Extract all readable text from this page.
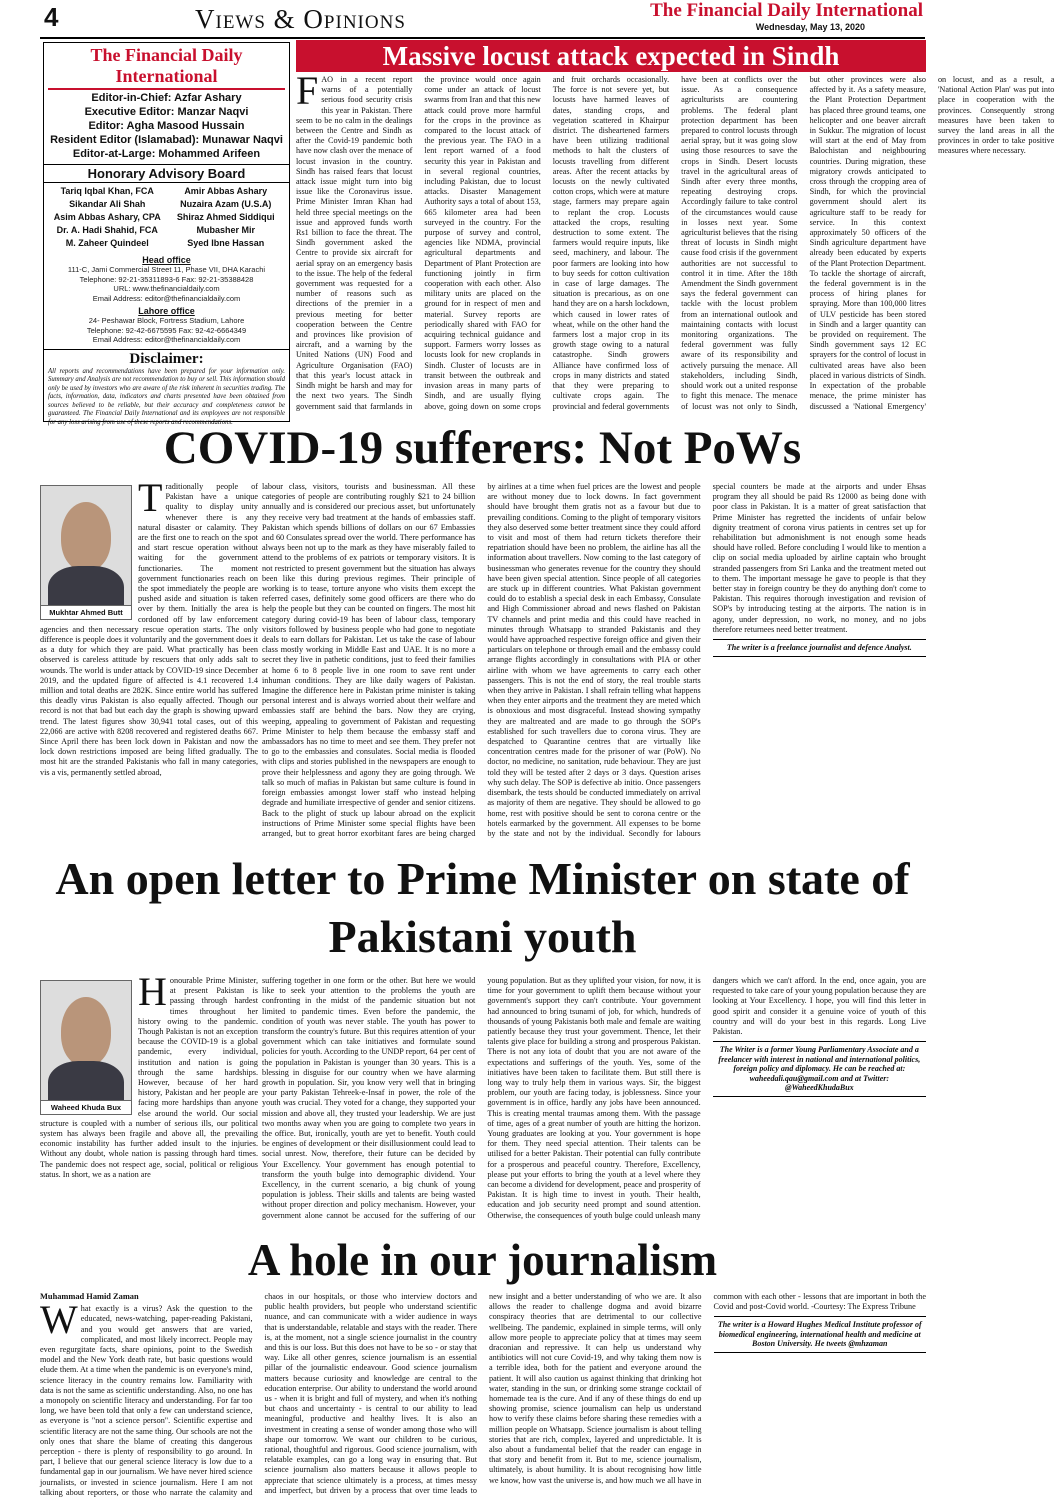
4	Views & Opinions	The Financial Daily International
Wednesday, May 13, 2020
The Financial Daily International
Editor-in-Chief: Azfar Ashary
Executive Editor: Manzar Naqvi
Editor: Agha Masood Hussain
Resident Editor (Islamabad): Munawar Naqvi
Editor-at-Large: Mohammed Arifeen
Honorary Advisory Board
Tariq Iqbal Khan, FCA	Amir Abbas Ashary
Sikandar Ali Shah	Nuzaira Azam (U.S.A)
Asim Abbas Ashary, CPA	Shiraz Ahmed Siddiqui
Dr. A. Hadi Shahid, FCA	Mubasher Mir
M. Zaheer Quindeel	Syed Ibne Hassan
Head office
111-C, Jami Commercial Street 11, Phase VII, DHA Karachi
Telephone: 92-21-35311893-6 Fax: 92-21-35388428
URL: www.thefinancialdaily.com
Email Address: editor@thefinancialdaily.com
Lahore office
24- Peshawar Block, Fortress Stadium, Lahore
Telephone: 92-42-6675595 Fax: 92-42-6664349
Email Address: editor@thefinancialdaily.com
Disclaimer:
All reports and recommendations have been prepared for your information only. Summary and Analysis are not recommendation to buy or sell. This information should only be used by investors who are aware of the risk inherent in securities trading. The facts, information, data, indicators and charts presented have been obtained from sources believed to be reliable, but their accuracy and completeness cannot be guaranteed. The Financial Daily International and its employees are not responsible for any loss arising from use of these reports and recommendations.
Massive locust attack expected in Sindh

FAO in a recent report warns of a potentially serious food security crisis this year in Pakistan. There seem to be no calm in the dealings between the Centre and Sindh as after the Covid-19 pandemic both have now clash over the menace of locust invasion in the country. Sindh has raised fears that locust attack issue might turn into big issue like the Coronavirus issue. Prime Minister Imran Khan had held three special meetings on the issue and approved funds worth Rs1 billion to face the threat. The Sindh government asked the Centre to provide six aircraft for aerial spray on an emergency basis to the issue. The help of the federal government was requested for a number of reasons such as directions of the premier in a previous meeting for better cooperation between the Centre and provinces like provision of aircraft, and a warning by the United Nations (UN) Food and Agriculture Organisation (FAO) that this year's locust attack in Sindh might be harsh and may for the next two years. The Sindh government said that farmlands in the province would once again come under an attack of locust swarms from Iran and that this new attack could prove more harmful for the crops in the province as compared to the locust attack of the previous year. The FAO in a lent report warned of a food security this year in Pakistan and in several regional countries, including Pakistan, due to locust attacks. Disaster Management Authority says a total of about 153, 665 kilometer area had been surveyed in the country. For the purpose of survey and control, agencies like NDMA, provincial agricultural departments and Department of Plant Protection are functioning jointly in firm cooperation with each other. Also military units are placed on the ground for in respect of men and material. Survey reports are periodically shared with FAO for acquiring technical guidance and support. Farmers worry losses as locusts look for new croplands in Sindh. Cluster of locusts are in transit between the outbreak and invasion areas in many parts of Sindh, and are usually flying above, going down on some crops and fruit orchards occasionally. The force is not severe yet, but locusts have harmed leaves of dates, standing crops, and vegetation scattered in Khairpur district. The disheartened farmers have been utilizing traditional methods to halt the clusters of locusts travelling from different areas. After the recent attacks by locusts on the newly cultivated cotton crops, which were at mature stage, farmers may prepare again to replant the crop. Locusts attacked the crops, resulting destruction to some extent. The farmers would require inputs, like seed, machinery, and labour. The poor farmers are looking into how to buy seeds for cotton cultivation in case of large damages. The situation is precarious, as on one hand they are on a harsh lockdown, which caused in lower rates of wheat, while on the other hand the farmers lost a major crop in its growth stage owing to a natural catastrophe. Sindh growers Alliance have confirmed loss of crops in many districts and stated that they were preparing to cultivate crops again. The provincial and federal governments have been at conflicts over the issue. As a consequence agriculturists are countering problems. The federal plant protection department has been prepared to control locusts through aerial spray, but it was going slow using those resources to save the crops in Sindh. Desert locusts travel in the agricultural areas of Sindh after every three months, repeating destroying crops. Accordingly failure to take control of the circumstances would cause in losses next year. Some agriculturist believes that the rising threat of locusts in Sindh might cause food crisis if the government authorities are not successful to control it in time. After the 18th Amendment the Sindh government says the federal government can tackle with the locust problem from an international outlook and maintaining contacts with locust monitoring organizations. The federal government was fully aware of its responsibility and actively pursuing the menace. All stakeholders, including Sindh, should work out a united response to fight this menace. The menace of locust was not only to Sindh, but other provinces were also affected by it. As a safety measure, the Plant Protection Department has placed three ground teams, one helicopter and one beaver aircraft in Sukkur. The migration of locust will start at the end of May from Balochistan and neighbouring countries. During migration, these migratory crowds anticipated to cross through the cropping area of Sindh, for which the provincial government should alert its agriculture staff to be ready for service. In this context approximately 50 officers of the Sindh agriculture department have already been educated by experts of the Plant Protection Department. To tackle the shortage of aircraft, the federal government is in the process of hiring planes for spraying. More than 100,000 litres of ULV pesticide has been stored in Sindh and a larger quantity can be provided on requirement. The Sindh government says 12 EC sprayers for the control of locust in cultivated areas have also been placed in various districts of Sindh. In expectation of the probable menace, the prime minister has discussed a 'National Emergency' on locust, and as a result, a 'National Action Plan' was put into place in cooperation with the provinces. Consequently strong measures have been taken to survey the land areas in all the provinces in order to take positive measures where necessary.

COVID-19 sufferers: Not PoWs
Mukhtar Ahmed Butt

Traditionally people of Pakistan have a unique quality to display unity whenever there is any natural disaster or calamity. They are the first one to reach on the spot and start rescue operation without waiting for the government functionaries. The moment government functionaries reach on the spot immediately the people are pushed aside and situation is taken over by them. Initially the area is cordoned off by law enforcement agencies and then necessary rescue operation starts. The only difference is people does it voluntarily and the government does it as a duty for which they are paid. What practically has been observed is careless attitude by rescuers that only adds salt to wounds. The world is under attack by COVID-19 since December 2019, and the updated figure of affected is 4.1 recovered 1.4 million and total deaths are 282K. Since entire world has suffered this deadly virus Pakistan is also equally affected. Though our record is not that bad but each day the graph is showing upward trend. The latest figures show 30,941 total cases, out of this 22,066 are active with 8208 recovered and registered deaths 667. Since April there has been lock down in Pakistan and now the lock down restrictions imposed are being lifted gradually. The most hit are the stranded Pakistanis who fall in many categories, vis a vis, permanently settled abroad,

labour class, visitors, tourists and businessman. All these categories of people are contributing roughly $21 to 24 billion annually and is considered our precious asset, but unfortunately they receive very bad treatment at the hands of embassies staff. Pakistan which spends billions of dollars on our 67 Embassies and 60 Consulates spread over the world. There performance has always been not up to the mark as they have miserably failed to attend to the problems of ex patriots or temporary visitors. It is not restricted to present government but the situation has always been like this during previous regimes. Their principle of working is to tease, torture anyone who visits them except the referred cases, definitely some good officers are there who do help the people but they can be counted on fingers. The most hit category during covid-19 has been of labour class, temporary visitors followed by business people who had gone to negotiate deals to earn dollars for Pakistan. Let us take the case of labour class mostly working in Middle East and UAE. It is no more a secret they live in pathetic conditions, just to feed their families at home 6 to 8 people live in one room to save rent under inhuman conditions. They are like daily wagers of Pakistan. Imagine the difference here in Pakistan prime minister is taking personal interest and is always worried about their welfare and embassies staff are behind the bars. Now they are crying, weeping, appealing to government of Pakistan and requesting Prime Minister to help them because the embassy staff and ambassadors has no time to meet and see them. They prefer not to go to the embassies and consulates. Social media is flooded with clips and stories published in the newspapers are enough to prove their helplessness and agony they are going through. We talk so much of mafias in Pakistan but same culture is found in foreign embassies amongst lower staff who instead helping degrade and humiliate irrespective of gender and senior citizens. Back to the plight of stuck up labour abroad on the explicit instructions of Prime Minister some special flights have been arranged, but to great horror exorbitant fares are being charged by airlines at a time when fuel prices are the lowest and people are without money due to lock downs. In fact government should have brought them gratis not as a favour but due to prevailing conditions. Coming to the plight of temporary visitors they also deserved some better treatment since they could afford to visit and most of them had return tickets therefore their repatriation should have been no problem, the airline has all the information about travellers. Now coming to the last category of businessman who generates revenue for the country they should have been given special attention. Since people of all categories are stuck up in different countries. What Pakistan government could do to establish a special desk in each Embassy, Consulate and High Commissioner abroad and news flashed on Pakistan TV channels and print media and this could have reached in minutes through Whatsapp to stranded Pakistanis and they would have approached respective foreign office and given their particulars on telephone or through email and the embassy could arrange flights accordingly in consultations with PIA or other airline with whom we have agreements to carry each other passengers. This is not the end of story, the real trouble starts when they arrive in Pakistan. I shall refrain telling what happens when they enter airports and the treatment they are meted which is obnoxious and most disgraceful. Instead showing sympathy they are maltreated and are made to go through the SOP's established for such travellers due to corona virus. They are despatched to Quarantine centres that are virtually like concentration centres made for the prisoner of war (PoW). No doctor, no medicine, no sanitation, rude behaviour. They are just told they will be tested after 2 days or 3 days. Question arises why such delay. The SOP is defective ab initio. Once passengers disembark, the tests should be conducted immediately on arrival as majority of them are negative. They should be allowed to go home, rest with positive should be sent to corona centre or the hotels earmarked by the government. All expenses to be borne by the state and not by the individual. Secondly for labours special counters be made at the airports and under Ehsas program they all should be paid Rs 12000 as being done with poor class in Pakistan. It is a matter of great satisfaction that Prime Minister has regretted the incidents of unfair below dignity treatment of corona virus patients in centres set up for rehabilitation but admonishment is not enough some heads should have rolled. Before concluding I would like to mention a clip on social media uploaded by airline captain who brought stranded passengers from Sri Lanka and the treatment meted out to them. The important message he gave to people is that they better stay in foreign country be they do anything don't come to Pakistan. This requires thorough investigation and revision of SOP's by introducing testing at the airports. The nation is in agony, under depression, no work, no money, and no jobs therefore returnees need better treatment.

The writer is a freelance journalist and defence Analyst.
An open letter to Prime Minister on state of Pakistani youth
Waheed Khuda Bux

Honourable Prime Minister, at present Pakistan is passing through hardest times throughout her history owing to the pandemic. Though Pakistan is not an exception because the COVID-19 is a global pandemic, every individual, institution and nation is going through the same hardships. However, because of her hard history, Pakistan and her people are facing more hardships than anyone else around the world. Our social structure is coupled with a number of serious ills, our political system has always been fragile and above all, the prevailing economic instability has further added insult to the injuries. Without any doubt, whole nation is passing through hard times. The pandemic does not respect age, social, political or religious status. In short, we as a nation are

suffering together in one form or the other. But here we would like to seek your attention to the problems the youth are confronting in the midst of the pandemic situation but not limited to pandemic times. Even before the pandemic, the condition of youth was never stable. The youth has power to transform the country's future. But this requires attention of your government which can take initiatives and formulate sound policies for youth. According to the UNDP report, 64 per cent of the population in Pakistan is younger than 30 years. This is a blessing in disguise for our country when we have alarming growth in population. Sir, you know very well that in bringing your party Pakistan Tehreek-e-Insaf in power, the role of the youth was crucial. They voted for a change, they supported your mission and above all, they trusted your leadership. We are just two months away when you are going to complete two years in the office. But, ironically, youth are yet to benefit. Youth could be engines of development or their disillusionment could lead to social unrest. Now, therefore, their future can be decided by Your Excellency. Your government has enough potential to transform the youth bulge into demographic dividend. Your Excellency, in the current scenario, a big chunk of young population is jobless. Their skills and talents are being wasted without proper direction and policy mechanism. However, your government alone cannot be accused for the suffering of our young population. But as they uplifted your vision, for now, it is time for your government to uplift them because without your government's support they can't contribute. Your government had announced to bring tsunami of job, for which, hundreds of thousands of young Pakistanis both male and female are waiting patiently because they trust your government. Thence, let their talents give place for building a strong and prosperous Pakistan. There is not any iota of doubt that you are not aware of the expectations and sufferings of the youth. Yes, some of the initiatives have been taken to facilitate them. But still there is long way to truly help them in various ways. Sir, the biggest problem, our youth are facing today, is joblessness. Since your government is in office, hardly any jobs have been announced. This is creating mental traumas among them. With the passage of time, ages of a great number of youth are hitting the horizon. Young graduates are looking at you. Your government is hope for them. They need special attention. Their talents can be utilised for a better Pakistan. Their potential can fully contribute for a prosperous and peaceful country. Therefore, Excellency, please put your efforts to bring the youth at a level where they can become a dividend for development, peace and prosperity of Pakistan. It is high time to invest in youth. Their health, education and job security need prompt and sound attention. Otherwise, the consequences of youth bulge could unleash many dangers which we can't afford. In the end, once again, you are requested to take care of your young population because they are looking at Your Excellency. I hope, you will find this letter in good spirit and consider it a genuine voice of youth of this country and will do your best in this regards. Long Live Pakistan.

The Writer is a former Young Parliamentary Associate and a freelancer with interest in national and international politics, foreign policy and diplomacy. He can be reached at: waheedali.qau@gmail.com and at Twitter: @WaheedKhudaBux
A hole in our journalism

Muhammad Hamid Zaman

What exactly is a virus? Ask the question to the educated, news-watching, paper-reading Pakistani, and you would get answers that are varied, complicated, and most likely incorrect. People may even regurgitate facts, share opinions, point to the Swedish model and the New York death rate, but basic questions would elude them. At a time when the pandemic is on everyone's mind, science literacy in the country remains low. Familiarity with data is not the same as scientific understanding. Also, no one has a monopoly on scientific literacy and understanding. For far too long, we have been told that only a few can understand science, as everyone is "not a science person". Scientific expertise and scientific literacy are not the same thing. Our schools are not the only ones that share the blame of creating this dangerous perception - there is plenty of responsibility to go around. In part, I believe that our general science literacy is low due to a fundamental gap in our journalism. We have never hired science journalists, or invested in science journalism. Here I am not talking about reporters, or those who narrate the calamity and chaos in our hospitals, or those who interview doctors and public health providers, but people who understand scientific nuance, and can communicate with a wider audience in ways that is understandable, relatable and stays with the reader. There is, at the moment, not a single science journalist in the country and this is our loss. But this does not have to be so - or stay that way. Like all other genres, science journalism is an essential pillar of the journalistic endeavour. Good science journalism matters because curiosity and knowledge are central to the education enterprise. Our ability to understand the world around us - when it is bright and full of mystery, and when it's nothing but chaos and uncertainty - is central to our ability to lead meaningful, productive and healthy lives. It is also an investment in creating a sense of wonder among those who will shape our tomorrow. We want our children to be curious, rational, thoughtful and rigorous. Good science journalism, with relatable examples, can go a long way in ensuring that. But science journalism also matters because it allows people to appreciate that science ultimately is a process, at times messy and imperfect, but driven by a process that over time leads to new insight and a better understanding of who we are. It also allows the reader to challenge dogma and avoid bizarre conspiracy theories that are detrimental to our collective wellbeing. The pandemic, explained in simple terms, will only allow more people to appreciate policy that at times may seem draconian and repressive. It can help us understand why antibiotics will not cure Covid-19, and why taking them now is a terrible idea, both for the patient and everyone around the patient. It will also caution us against thinking that drinking hot water, standing in the sun, or drinking some strange cocktail of homemade tea is the cure. And if any of these things do end up showing promise, science journalism can help us understand how to verify these claims before sharing these remedies with a million people on Whatsapp. Science journalism is about telling stories that are rich, complex, layered and unpredictable. It is also about a fundamental belief that the reader can engage in that story and benefit from it. But to me, science journalism, ultimately, is about humility. It is about recognising how little we know, how vast the universe is, and how much we all have in common with each other - lessons that are important in both the Covid and post-Covid world. -Courtesy: The Express Tribune

The writer is a Howard Hughes Medical Institute professor of biomedical engineering, international health and medicine at Boston University. He tweets @mhzaman
